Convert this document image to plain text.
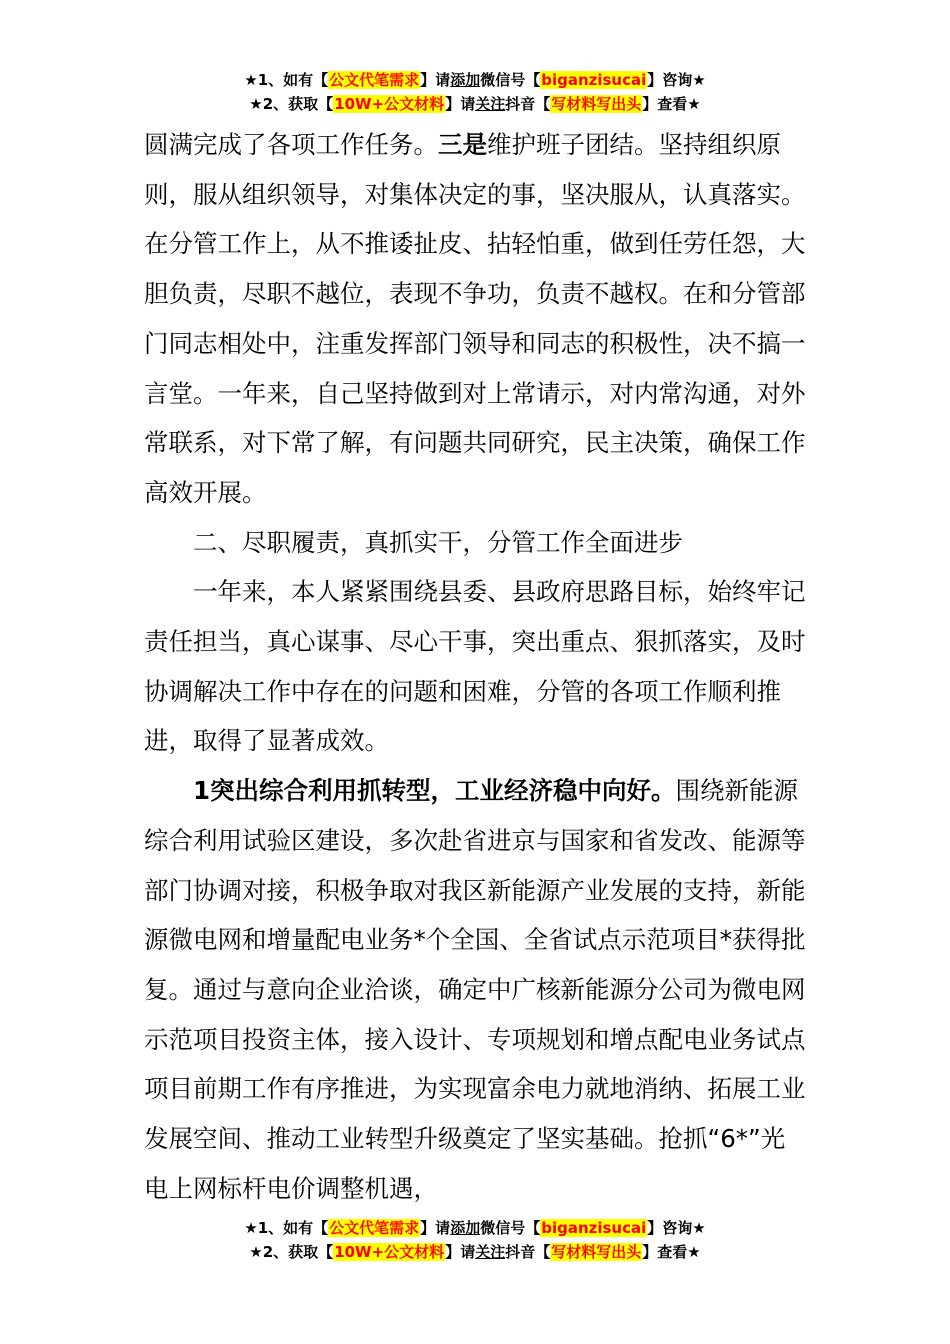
★1、如有【公文代笔需求】请添加微信号【biganzisucai】咨询★
★2、获取【10W+公文材料】请关注抖音【写材料写出头】查看★

圆满完成了各项工作任务。三是维护班子团结。坚持组织原则，服从组织领导，对集体决定的事，坚决服从，认真落实。在分管工作上，从不推诿扯皮、拈轻怕重，做到任劳任怨，大胆负责，尽职不越位，表现不争功，负责不越权。在和分管部门同志相处中，注重发挥部门领导和同志的积极性，决不搞一言堂。一年来，自己坚持做到对上常请示，对内常沟通，对外常联系，对下常了解，有问题共同研究，民主决策，确保工作高效开展。

二、尽职履责，真抓实干，分管工作全面进步

一年来，本人紧紧围绕县委、县政府思路目标，始终牢记责任担当，真心谋事、尽心干事，突出重点、狠抓落实，及时协调解决工作中存在的问题和困难，分管的各项工作顺利推进，取得了显著成效。

1突出综合利用抓转型，工业经济稳中向好。围绕新能源综合利用试验区建设，多次赴省进京与国家和省发改、能源等部门协调对接，积极争取对我区新能源产业发展的支持，新能源微电网和增量配电业务*个全国、全省试点示范项目*获得批复。通过与意向企业洽谈，确定中广核新能源分公司为微电网示范项目投资主体，接入设计、专项规划和增点配电业务试点项目前期工作有序推进，为实现富余电力就地消纳、拓展工业发展空间、推动工业转型升级奠定了坚实基础。抢抓“6*”光电上网标杆电价调整机遇，

★1、如有【公文代笔需求】请添加微信号【biganzisucai】咨询★
★2、获取【10W+公文材料】请关注抖音【写材料写出头】查看★
